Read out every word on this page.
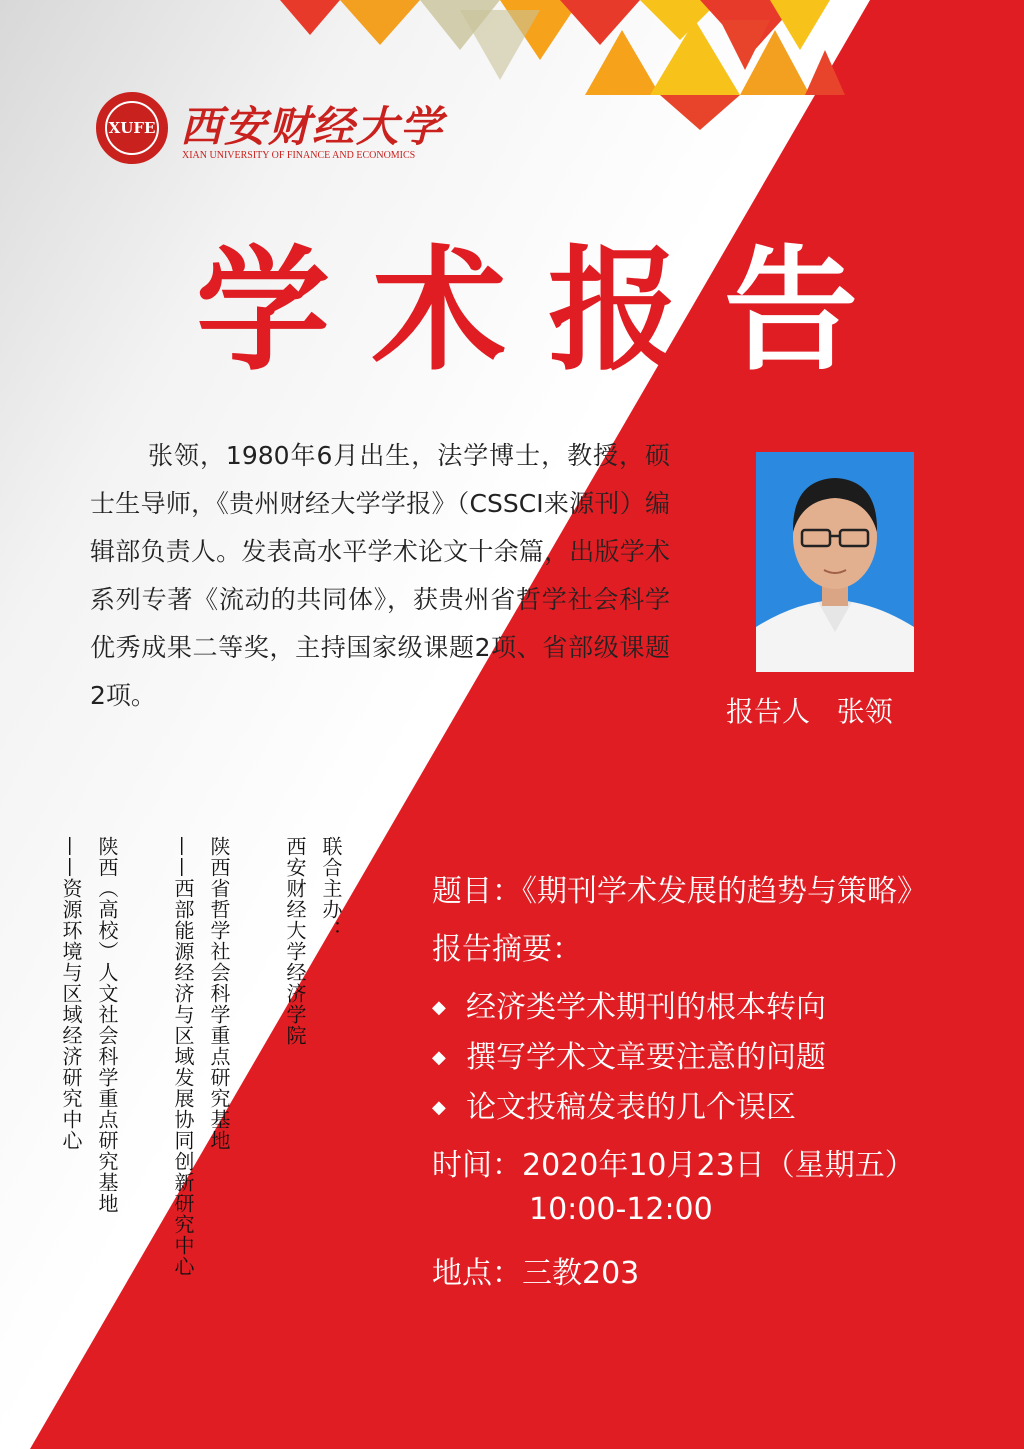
XUFE 西安财经大学
XIAN UNIVERSITY OF FINANCE AND ECONOMICS
学 术 报 告
张领，1980年6月出生，法学博士，教授，硕士生导师，《贵州财经大学学报》（CSSCI来源刊）编辑部负责人。发表高水平学术论文十余篇，出版学术系列专著《流动的共同体》，获贵州省哲学社会科学优秀成果二等奖，主持国家级课题2项、省部级课题2项。	报告人 张领
联合主办：
西安财经大学经济学院
陕西省哲学社会科学重点研究基地
——西部能源经济与区域发展协同创新研究中心
陕西（高校）人文社会科学重点研究基地
——资源环境与区域经济研究中心	题目：《期刊学术发展的趋势与策略》
报告摘要：
◆ 经济类学术期刊的根本转向
◆ 撰写学术文章要注意的问题
◆ 论文投稿发表的几个误区
时间：2020年10月23日（星期五）
10:00-12:00
地点：三教203
